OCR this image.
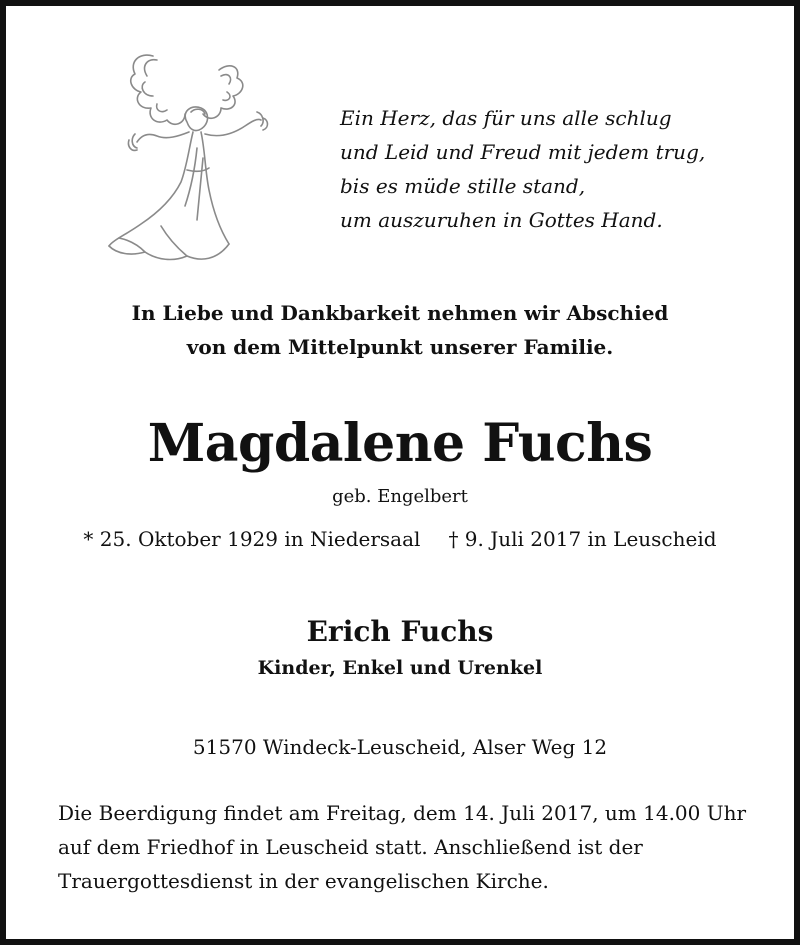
Ein Herz, das für uns alle schlug
und Leid und Freud mit jedem trug,
bis es müde stille stand,
um auszuruhen in Gottes Hand.
In Liebe und Dankbarkeit nehmen wir Abschied
von dem Mittelpunkt unserer Familie.
Magdalene Fuchs
geb. Engelbert
* 25. Oktober 1929 in Niedersaal † 9. Juli 2017 in Leuscheid
Erich Fuchs
Kinder, Enkel und Urenkel
51570 Windeck-Leuscheid, Alser Weg 12
Die Beerdigung findet am Freitag, dem 14. Juli 2017, um 14.00 Uhr
auf dem Friedhof in Leuscheid statt. Anschließend ist der
Trauergottesdienst in der evangelischen Kirche.
